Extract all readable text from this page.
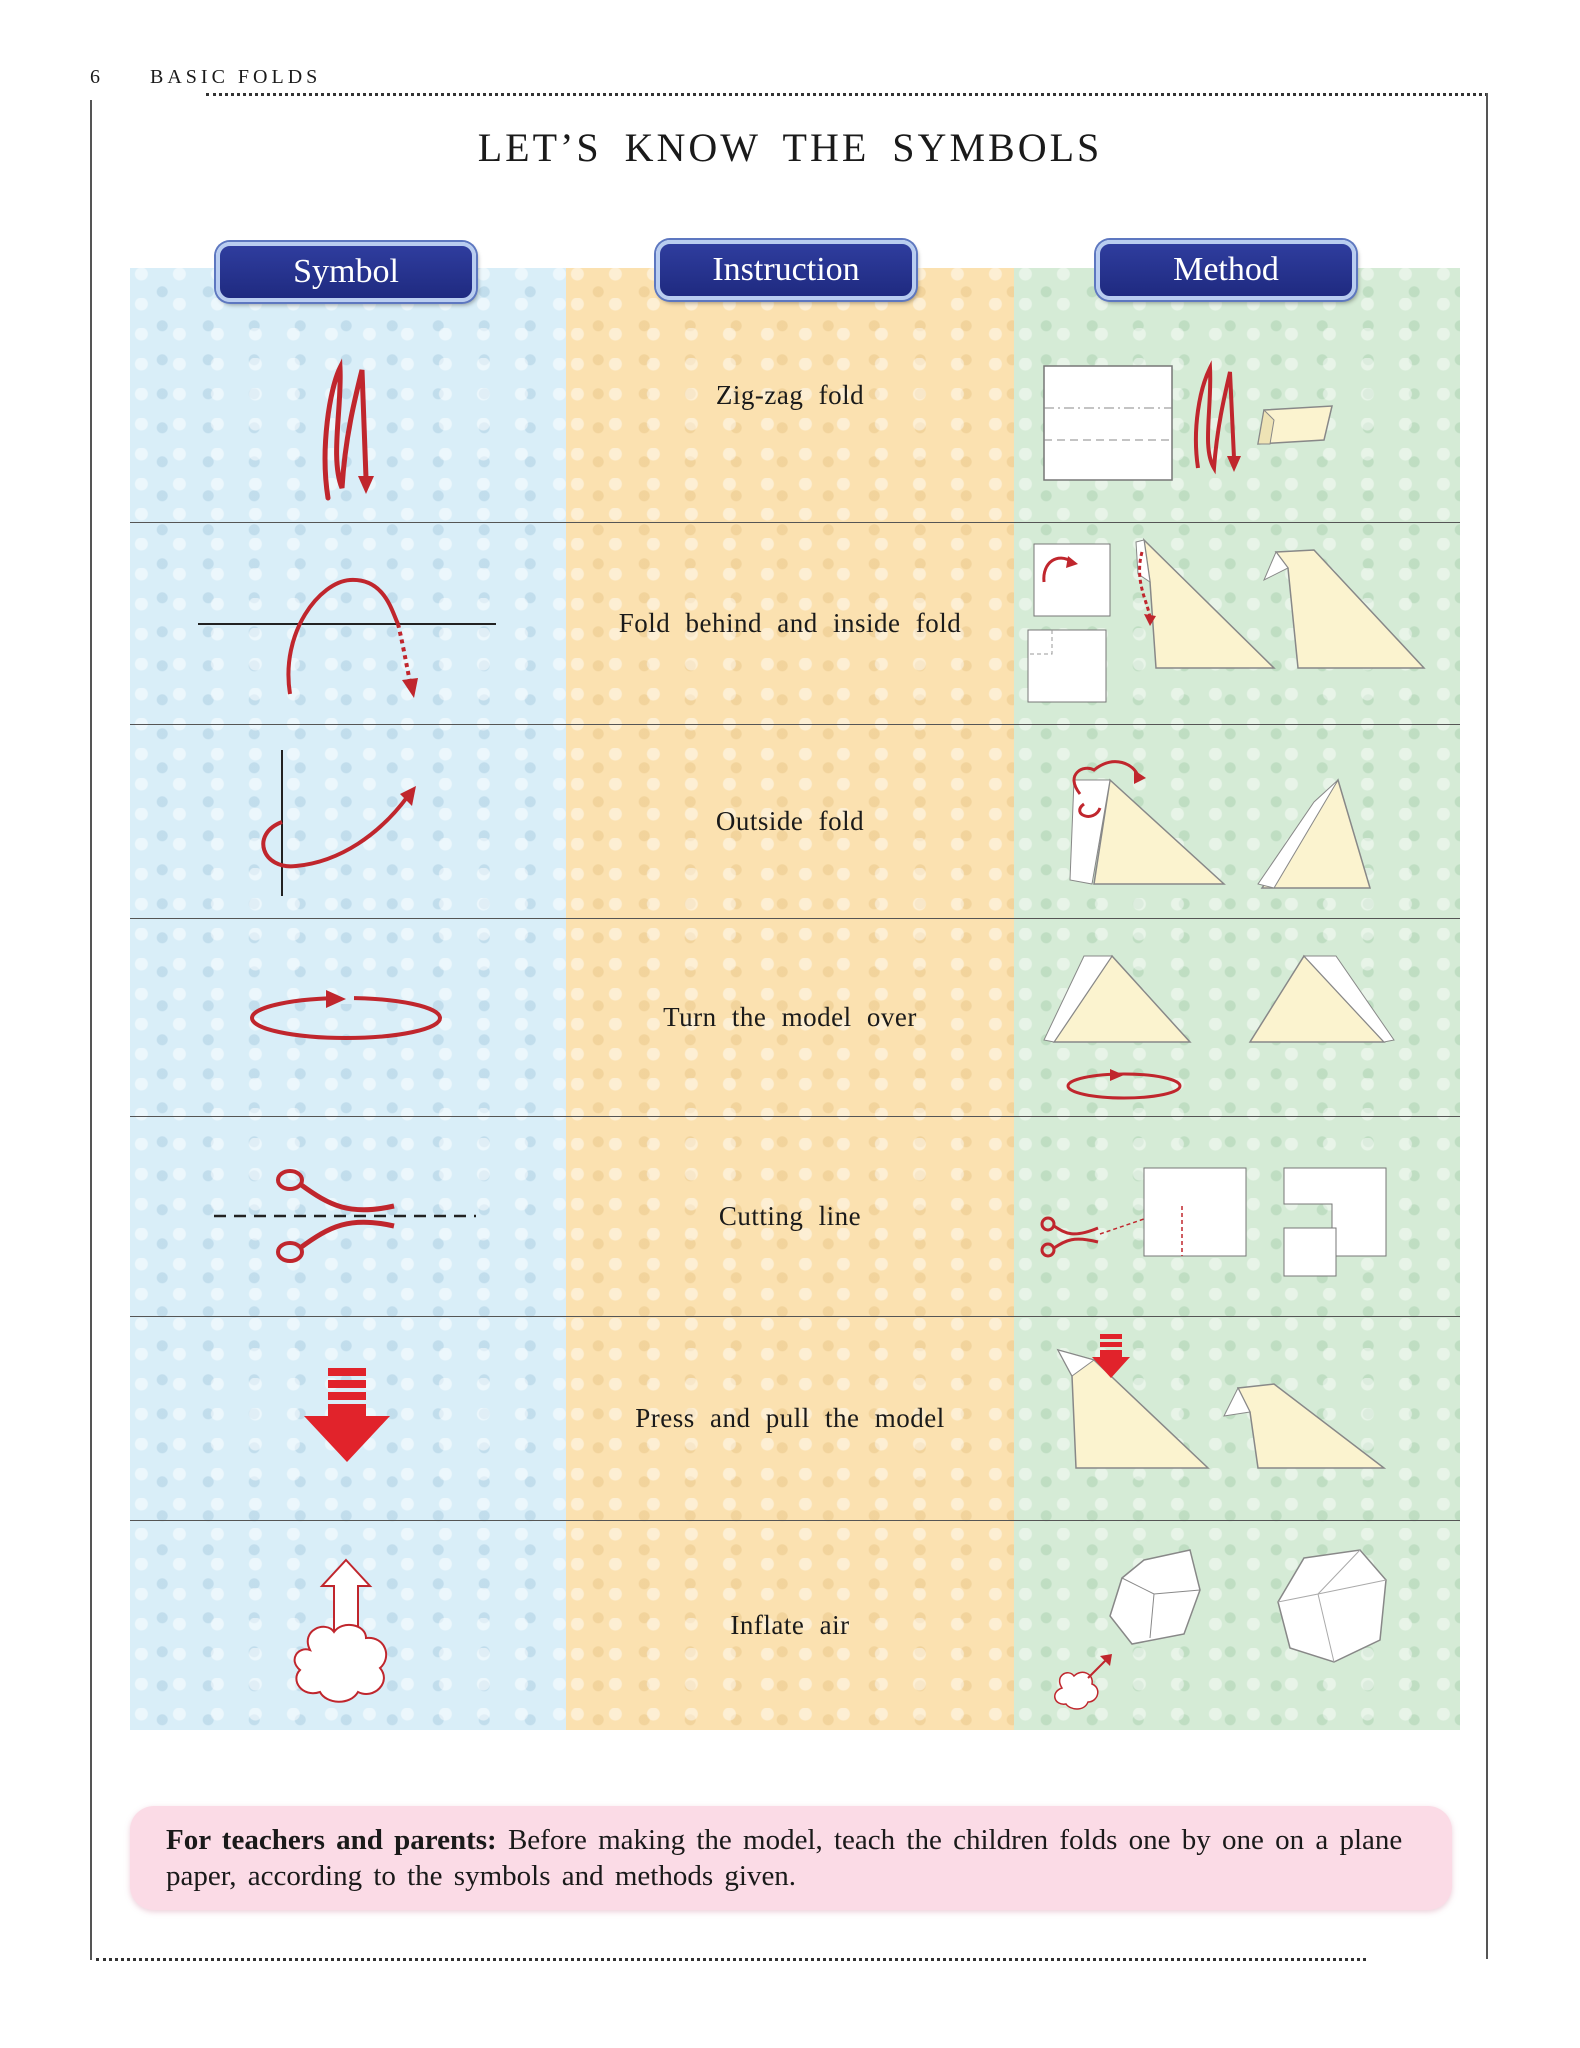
6 BASIC FOLDS
LET’S KNOW THE SYMBOLS
Zig-zag fold
Fold behind and inside fold
Outside fold
Turn the model over
Cutting line
Press and pull the model
Inflate air
Symbol	Instruction	Method
For teachers and parents: Before making the model, teach the children folds one by one on a plane paper, according to the symbols and methods given.
